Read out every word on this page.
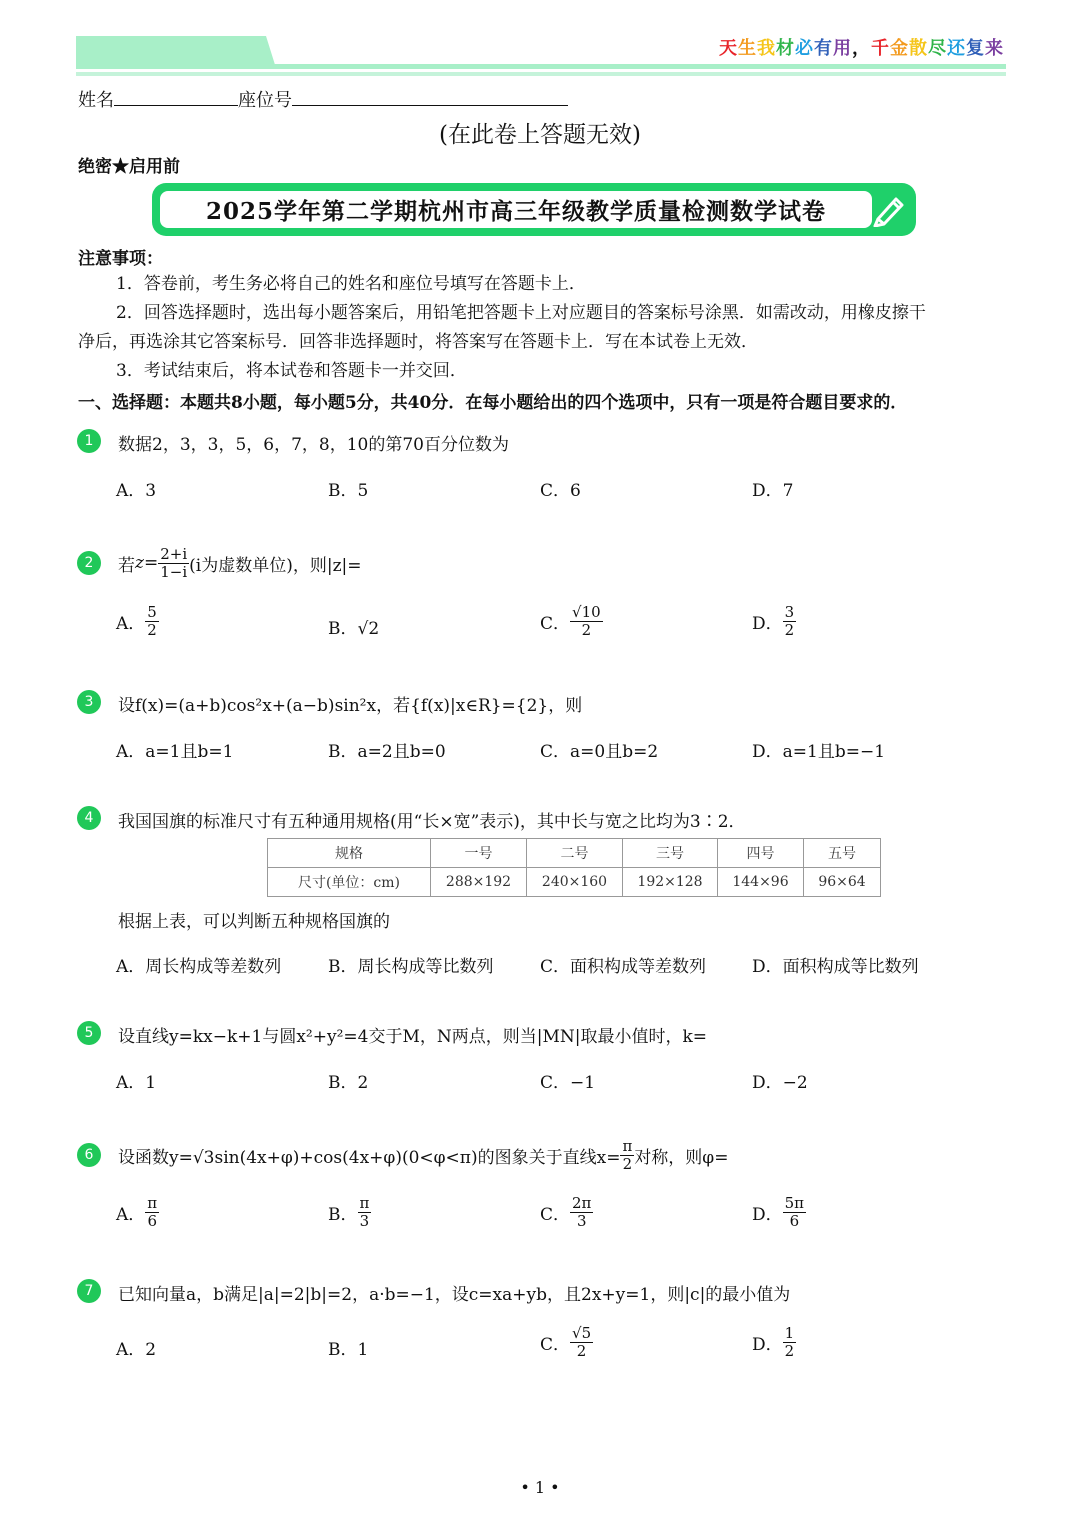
天生我材必有用，千金散尽还复来
姓名	座位号
(在此卷上答题无效)
绝密★启用前
2025学年第二学期杭州市高三年级教学质量检测数学试卷
注意事项：
1．答卷前，考生务必将自己的姓名和座位号填写在答题卡上．
2．回答选择题时，选出每小题答案后，用铅笔把答题卡上对应题目的答案标号涂黑．如需改动，用橡皮擦干
净后，再选涂其它答案标号．回答非选择题时，将答案写在答题卡上．写在本试卷上无效．
3．考试结束后，将本试卷和答题卡一并交回．
一、选择题：本题共8小题，每小题5分，共40分．在每小题给出的四个选项中，只有一项是符合题目要求的．
1	数据2，3，3，5，6，7，8，10的第70百分位数为
A．3	B．5	C．6	D．7
2	若 $z = \frac{2+i}{1-i} (i$为虚数单位)，则|z|=
A． $\frac{5}{2}$	B．√2	C． $\frac{√10}{2}$	D． $\frac{3}{2}$
3	设f(x)=(a+b)cos²x+(a−b)sin²x，若{f(x)|x∈R}={2}，则
A．a=1且b=1	B．a=2且b=0	C．a=0且b=2	D．a=1且b=−1
4	我国国旗的标准尺寸有五种通用规格(用“长×宽”表示)，其中长与宽之比均为3∶2．
规格	一号	二号	三号	四号	五号
尺寸(单位：cm)	288×192	240×160	192×128	144×96	96×64
根据上表，可以判断五种规格国旗的
A．周长构成等差数列	B．周长构成等比数列	C．面积构成等差数列	D．面积构成等比数列
5	设直线y=kx−k+1与圆x²+y²=4交于M，N两点，则当|MN|取最小值时，k=
A．1	B．2	C．−1	D．−2
6	设函数y=√3sin(4x+φ)+cos(4x+φ)(0<φ<π)的图象关于直线$x= \frac{\pi}{2}$ 对称，则φ=
A． $\frac{\pi}{6}$	B． $\frac{\pi}{3}$	C． $\frac{2\pi}{3}$	D． $\frac{5\pi}{6}$
7	已知向量a，b满足|a|=2|b|=2，a·b=−1，设c=xa+yb，且2x+y=1，则|c|的最小值为
A．2	B．1	C． $\frac{√5}{2}$	D． $\frac{1}{2}$
• 1 •
